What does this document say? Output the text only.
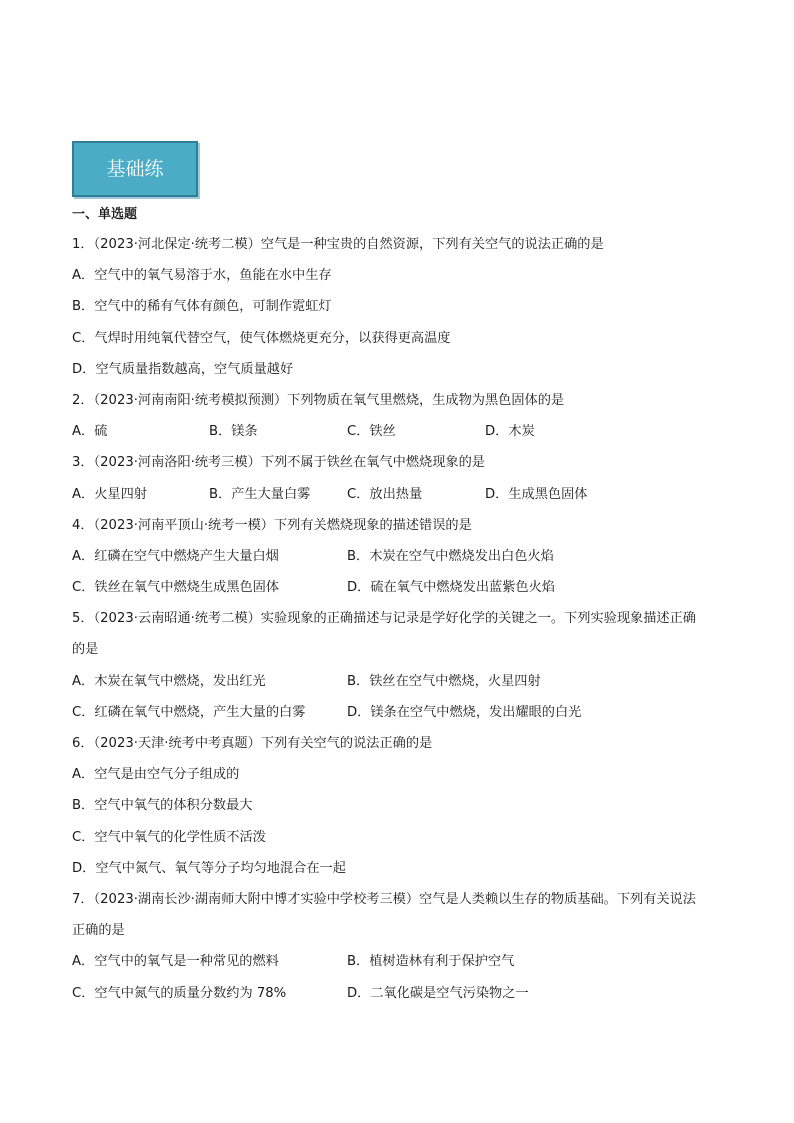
基础练
一、单选题
1．（2023·河北保定·统考二模）空气是一种宝贵的自然资源，下列有关空气的说法正确的是
A．空气中的氧气易溶于水，鱼能在水中生存
B．空气中的稀有气体有颜色，可制作霓虹灯
C．气焊时用纯氧代替空气，使气体燃烧更充分，以获得更高温度
D．空气质量指数越高，空气质量越好
2．（2023·河南南阳·统考模拟预测）下列物质在氧气里燃烧，生成物为黑色固体的是
A．硫	B．镁条	C．铁丝	D．木炭
3．（2023·河南洛阳·统考三模）下列不属于铁丝在氧气中燃烧现象的是
A．火星四射	B．产生大量白雾	C．放出热量	D．生成黑色固体
4．（2023·河南平顶山·统考一模）下列有关燃烧现象的描述错误的是
A．红磷在空气中燃烧产生大量白烟	B．木炭在空气中燃烧发出白色火焰
C．铁丝在氧气中燃烧生成黑色固体	D．硫在氧气中燃烧发出蓝紫色火焰
5．（2023·云南昭通·统考二模）实验现象的正确描述与记录是学好化学的关键之一。下列实验现象描述正确
的是
A．木炭在氧气中燃烧，发出红光	B．铁丝在空气中燃烧，火星四射
C．红磷在氧气中燃烧，产生大量的白雾	D．镁条在空气中燃烧，发出耀眼的白光
6．（2023·天津·统考中考真题）下列有关空气的说法正确的是
A．空气是由空气分子组成的
B．空气中氧气的体积分数最大
C．空气中氧气的化学性质不活泼
D．空气中氮气、氧气等分子均匀地混合在一起
7．（2023·湖南长沙·湖南师大附中博才实验中学校考三模）空气是人类赖以生存的物质基础。下列有关说法
正确的是
A．空气中的氧气是一种常见的燃料	B．植树造林有利于保护空气
C．空气中氮气的质量分数约为 78%	D．二氧化碳是空气污染物之一
